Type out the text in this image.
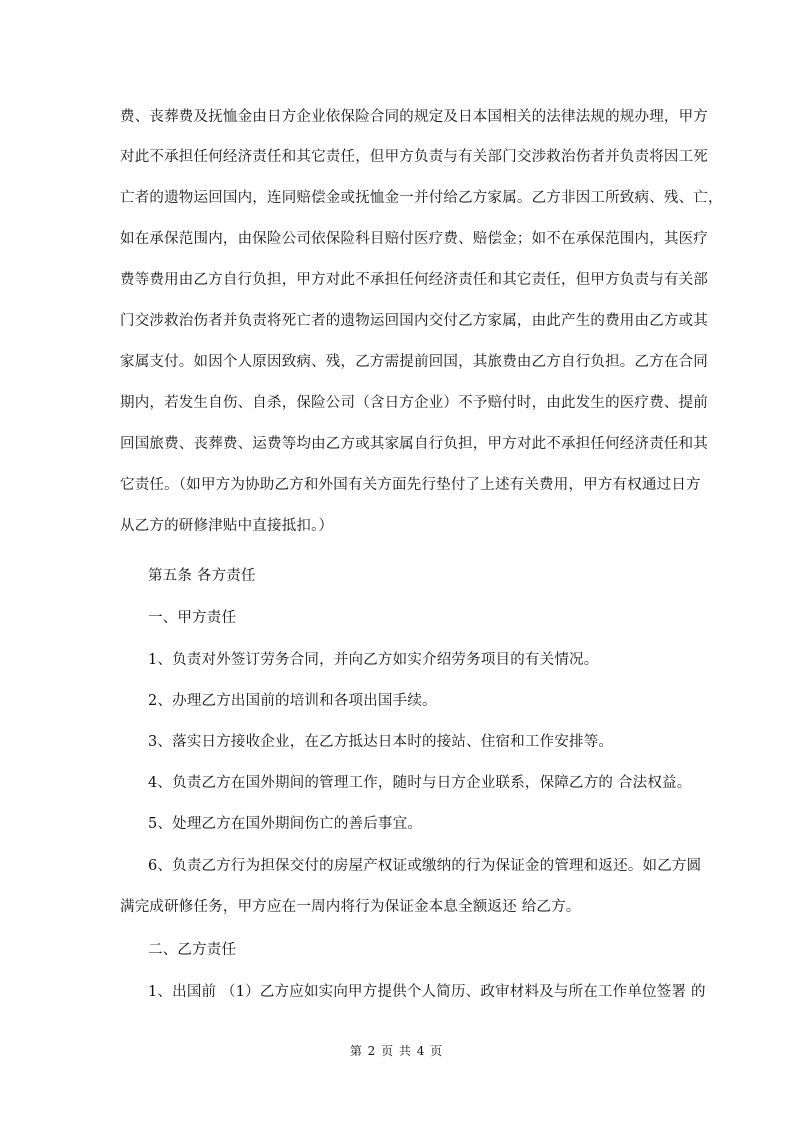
费、丧葬费及抚恤金由日方企业依保险合同的规定及日本国相关的法律法规的规办理，甲方
对此不承担任何经济责任和其它责任，但甲方负责与有关部门交涉救治伤者并负责将因工死
亡者的遗物运回国内，连同赔偿金或抚恤金一并付给乙方家属。乙方非因工所致病、残、亡，
如在承保范围内，由保险公司依保险科目赔付医疗费、赔偿金；如不在承保范围内，其医疗
费等费用由乙方自行负担，甲方对此不承担任何经济责任和其它责任，但甲方负责与有关部
门交涉救治伤者并负责将死亡者的遗物运回国内交付乙方家属，由此产生的费用由乙方或其
家属支付。如因个人原因致病、残，乙方需提前回国，其旅费由乙方自行负担。乙方在合同
期内，若发生自伤、自杀，保险公司（含日方企业）不予赔付时，由此发生的医疗费、提前
回国旅费、丧葬费、运费等均由乙方或其家属自行负担，甲方对此不承担任何经济责任和其
它责任。（如甲方为协助乙方和外国有关方面先行垫付了上述有关费用，甲方有权通过日方
从乙方的研修津贴中直接抵扣。）
第五条 各方责任
一、甲方责任
1、负责对外签订劳务合同，并向乙方如实介绍劳务项目的有关情况。
2、办理乙方出国前的培训和各项出国手续。
3、落实日方接收企业，在乙方抵达日本时的接站、住宿和工作安排等。
4、负责乙方在国外期间的管理工作，随时与日方企业联系，保障乙方的 合法权益。
5、处理乙方在国外期间伤亡的善后事宜。
6、负责乙方行为担保交付的房屋产权证或缴纳的行为保证金的管理和返还。如乙方圆
满完成研修任务，甲方应在一周内将行为保证金本息全额返还 给乙方。
二、乙方责任
1、出国前 （1）乙方应如实向甲方提供个人简历、政审材料及与所在工作单位签署 的
第 2 页 共 4 页
